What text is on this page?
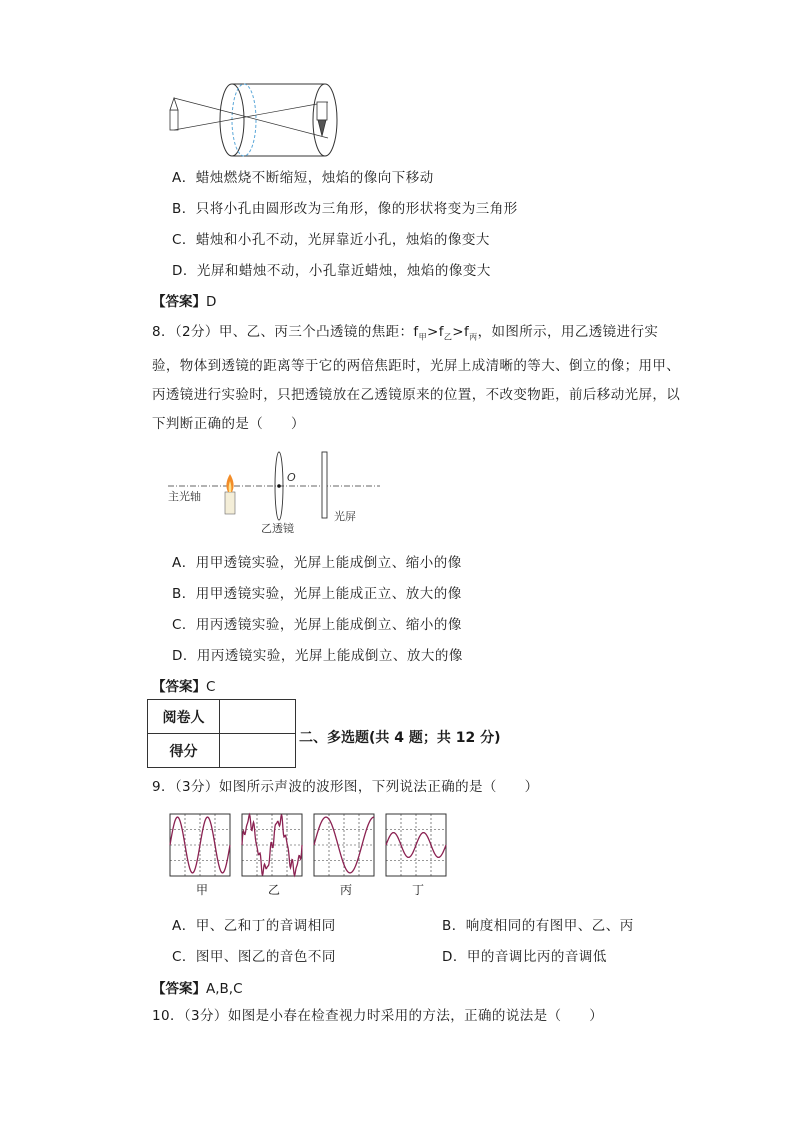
A．蜡烛燃烧不断缩短，烛焰的像向下移动
B．只将小孔由圆形改为三角形，像的形状将变为三角形
C．蜡烛和小孔不动，光屏靠近小孔，烛焰的像变大
D．光屏和蜡烛不动，小孔靠近蜡烛，烛焰的像变大
【答案】D
8．（2分）甲、乙、丙三个凸透镜的焦距：$f_甲>f_乙>f_丙$，如图所示，用乙透镜进行实
验，物体到透镜的距离等于它的两倍焦距时，光屏上成清晰的等大、倒立的像；用甲、
丙透镜进行实验时，只把透镜放在乙透镜原来的位置，不改变物距，前后移动光屏，以
下判断正确的是（　　）
主光轴
O
乙透镜
光屏
A．用甲透镜实验，光屏上能成倒立、缩小的像
B．用甲透镜实验，光屏上能成正立、放大的像
C．用丙透镜实验，光屏上能成倒立、缩小的像
D．用丙透镜实验，光屏上能成倒立、放大的像
【答案】C
阅卷人	
得分	
二、多选题(共 4 题；共 12 分)
9．（3分）如图所示声波的波形图，下列说法正确的是（　　）
甲	乙	丙	丁
A．甲、乙和丁的音调相同	B．响度相同的有图甲、乙、丙
C．图甲、图乙的音色不同	D．甲的音调比丙的音调低
【答案】A,B,C
10．（3分）如图是小春在检查视力时采用的方法，正确的说法是（　　）
